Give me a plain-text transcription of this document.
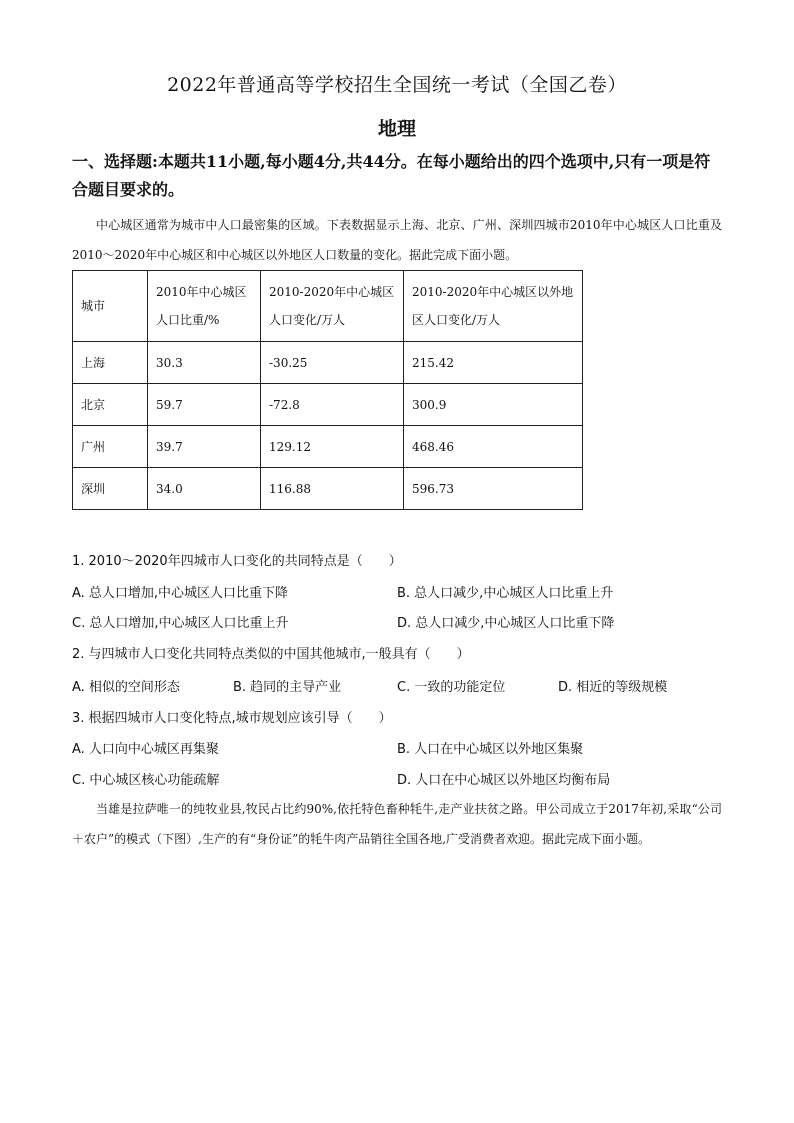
2022年普通高等学校招生全国统一考试（全国乙卷）
地理
一、选择题:本题共11小题,每小题4分,共44分。在每小题给出的四个选项中,只有一项是符合题目要求的。
中心城区通常为城市中人口最密集的区域。下表数据显示上海、北京、广州、深圳四城市2010年中心城区人口比重及2010～2020年中心城区和中心城区以外地区人口数量的变化。据此完成下面小题。
城市	2010年中心城区人口比重/%	2010-2020年中心城区人口变化/万人	2010-2020年中心城区以外地区人口变化/万人
上海	30.3	-30.25	215.42
北京	59.7	-72.8	300.9
广州	39.7	129.12	468.46
深圳	34.0	116.88	596.73
1. 2010～2020年四城市人口变化的共同特点是（　　）
A. 总人口增加,中心城区人口比重下降	B. 总人口减少,中心城区人口比重上升
C. 总人口增加,中心城区人口比重上升	D. 总人口减少,中心城区人口比重下降
2. 与四城市人口变化共同特点类似的中国其他城市,一般具有（　　）
A. 相似的空间形态	B. 趋同的主导产业	C. 一致的功能定位	D. 相近的等级规模
3. 根据四城市人口变化特点,城市规划应该引导（　　）
A. 人口向中心城区再集聚	B. 人口在中心城区以外地区集聚
C. 中心城区核心功能疏解	D. 人口在中心城区以外地区均衡布局
当雄是拉萨唯一的纯牧业县,牧民占比约90%,依托特色畜种牦牛,走产业扶贫之路。甲公司成立于2017年初,采取“公司＋农户”的模式（下图）,生产的有“身份证”的牦牛肉产品销往全国各地,广受消费者欢迎。据此完成下面小题。
